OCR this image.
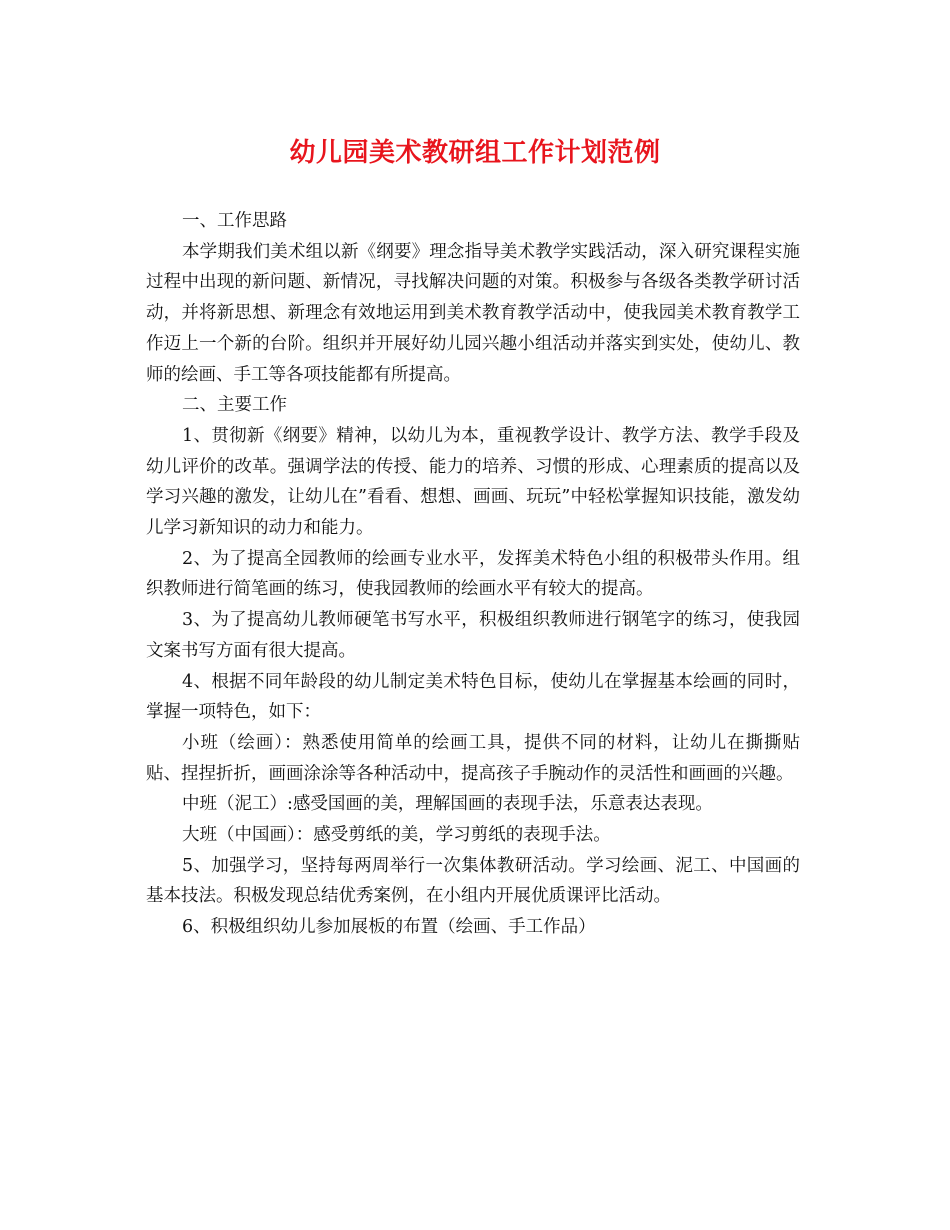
幼儿园美术教研组工作计划范例

一、工作思路

本学期我们美术组以新《纲要》理念指导美术教学实践活动，深入研究课程实施过程中出现的新问题、新情况，寻找解决问题的对策。积极参与各级各类教学研讨活动，并将新思想、新理念有效地运用到美术教育教学活动中，使我园美术教育教学工作迈上一个新的台阶。组织并开展好幼儿园兴趣小组活动并落实到实处，使幼儿、教师的绘画、手工等各项技能都有所提高。

二、主要工作

1、贯彻新《纲要》精神，以幼儿为本，重视教学设计、教学方法、教学手段及幼儿评价的改革。强调学法的传授、能力的培养、习惯的形成、心理素质的提高以及学习兴趣的激发，让幼儿在”看看、想想、画画、玩玩”中轻松掌握知识技能，激发幼儿学习新知识的动力和能力。

2、为了提高全园教师的绘画专业水平，发挥美术特色小组的积极带头作用。组织教师进行简笔画的练习，使我园教师的绘画水平有较大的提高。

3、为了提高幼儿教师硬笔书写水平，积极组织教师进行钢笔字的练习，使我园文案书写方面有很大提高。

4、根据不同年龄段的幼儿制定美术特色目标，使幼儿在掌握基本绘画的同时，掌握一项特色，如下：

小班（绘画）：熟悉使用简单的绘画工具，提供不同的材料，让幼儿在撕撕贴贴、捏捏折折，画画涂涂等各种活动中，提高孩子手腕动作的灵活性和画画的兴趣。

中班（泥工）:感受国画的美，理解国画的表现手法，乐意表达表现。

大班（中国画）：感受剪纸的美，学习剪纸的表现手法。

5、加强学习，坚持每两周举行一次集体教研活动。学习绘画、泥工、中国画的基本技法。积极发现总结优秀案例，在小组内开展优质课评比活动。

6、积极组织幼儿参加展板的布置（绘画、手工作品）
